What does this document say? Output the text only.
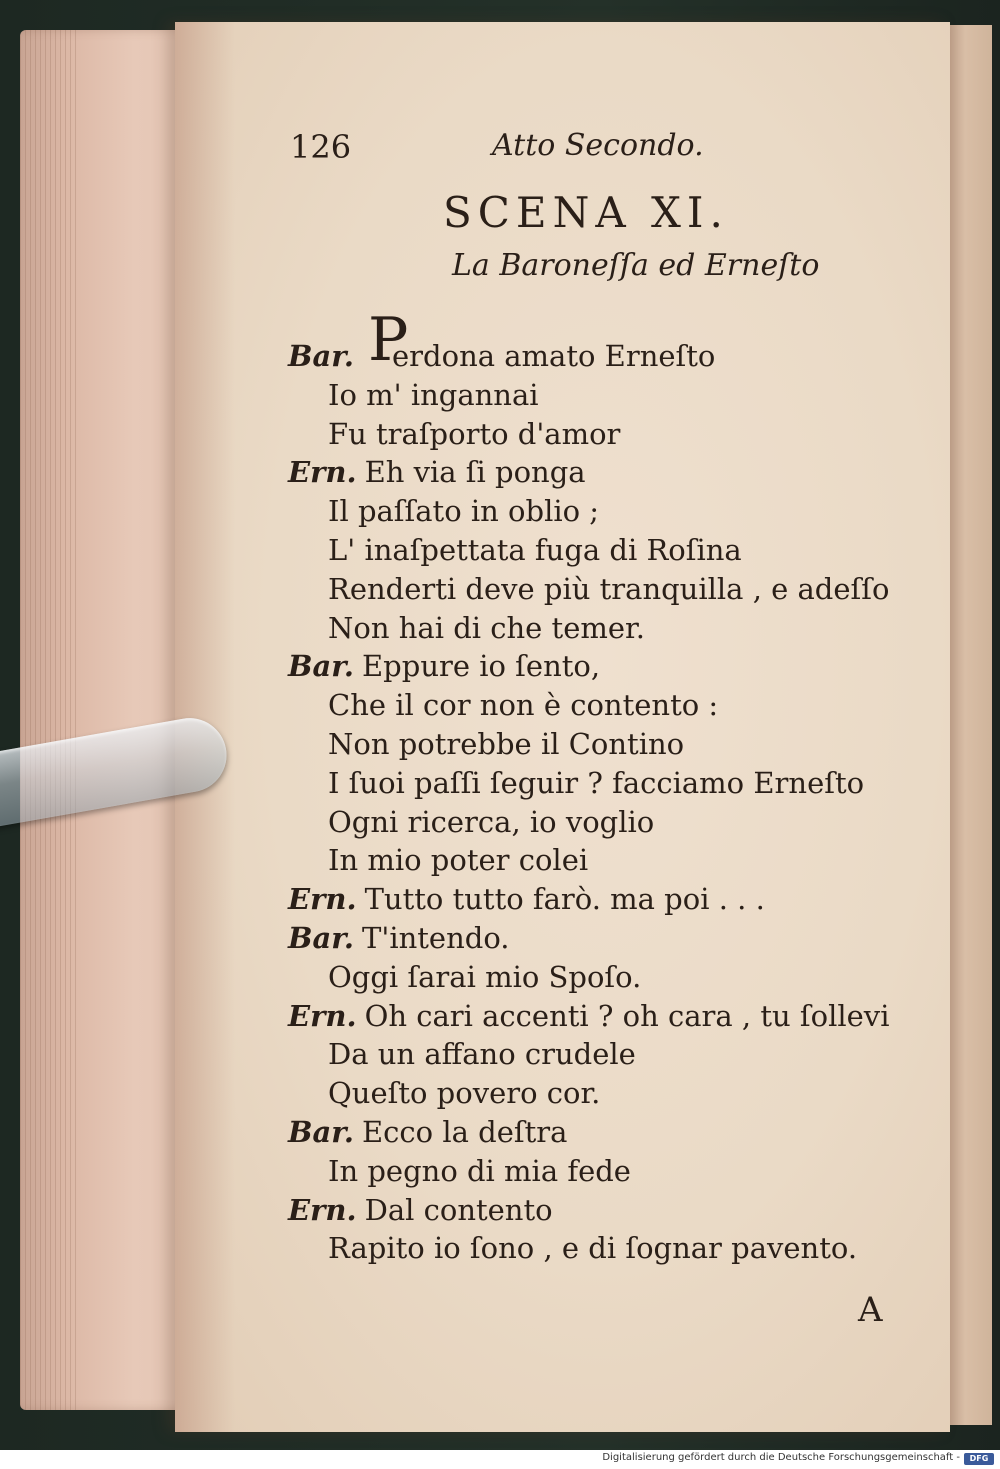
126	Atto Secondo.
SCENA XI.
La Baroneſſa ed Erneſto
P
Bar. erdona amato Erneſto
Io m' ingannai
Fu traſporto d'amor
Ern. Eh via ſi ponga
Il paſſato in oblio ;
L' inaſpettata fuga di Roſina
Renderti deve più tranquilla , e adeſſo
Non hai di che temer.
Bar. Eppure io ſento,
Che il cor non è contento :
Non potrebbe il Contino
I ſuoi paſſi ſeguir ? facciamo Erneſto
Ogni ricerca, io voglio
In mio poter colei
Ern. Tutto tutto farò. ma poi . . .
Bar. T'intendo.
Oggi ſarai mio Spoſo.
Ern. Oh cari accenti ? oh cara , tu ſollevi
Da un affano crudele
Queſto povero cor.
Bar. Ecco la deſtra
In pegno di mia fede
Ern. Dal contento
Rapito io ſono , e di ſognar pavento.
A
Digitalisierung gefördert durch die Deutsche Forschungsgemeinschaft -	DFG
